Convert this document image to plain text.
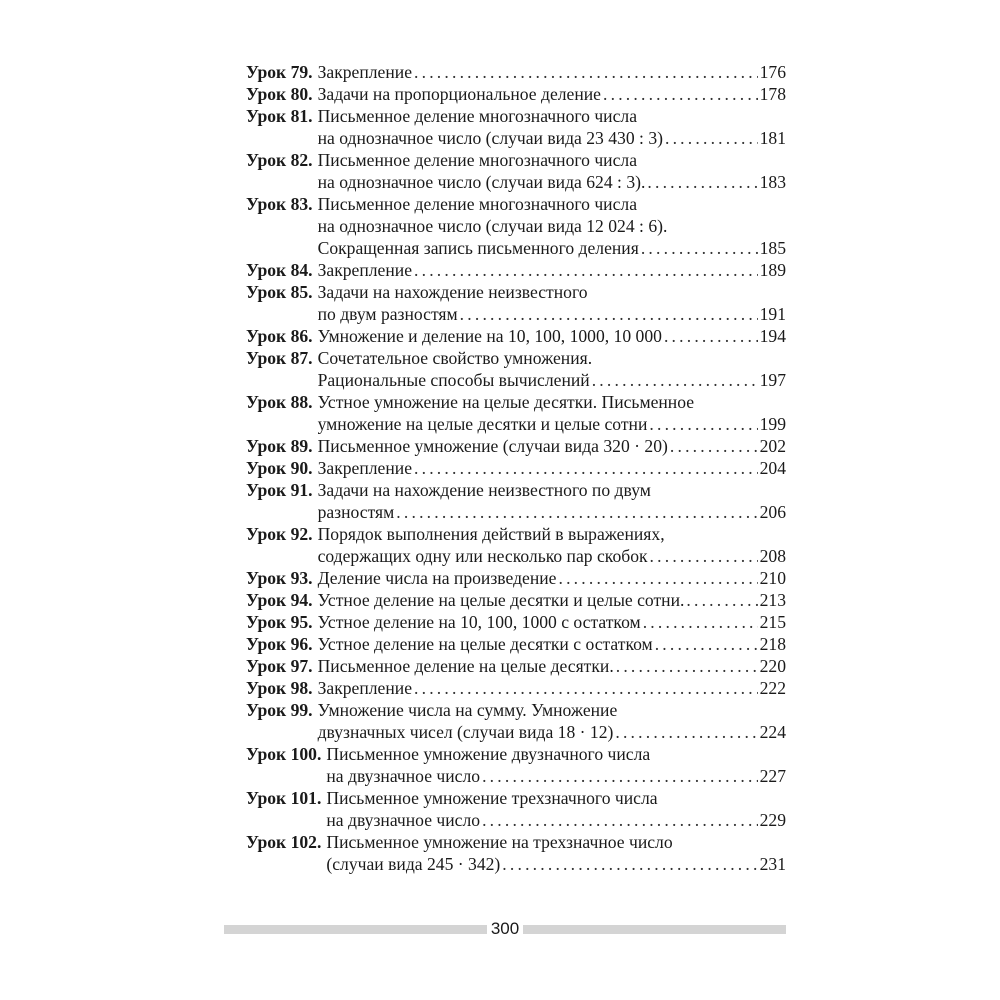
Урок 79. Закрепление . . .	176
Урок 80. Задачи на пропорциональное деление . . .	178
Урок 81. Письменное деление многозначного числа
на однозначное число (случаи вида 23 430 : 3) . . .	181
Урок 82. Письменное деление многозначного числа
на однозначное число (случаи вида 624 : 3). . . .	183
Урок 83. Письменное деление многозначного числа
на однозначное число (случаи вида 12 024 : 6).
Сокращенная запись письменного деления . . .	185
Урок 84. Закрепление . . .	189
Урок 85. Задачи на нахождение неизвестного
по двум разностям . . .	191
Урок 86. Умножение и деление на 10, 100, 1000, 10 000 . . .	194
Урок 87. Сочетательное свойство умножения.
Рациональные способы вычислений . . .	197
Урок 88. Устное умножение на целые десятки. Письменное
умножение на целые десятки и целые сотни . . .	199
Урок 89. Письменное умножение (случаи вида 320 · 20) . . .	202
Урок 90. Закрепление . . .	204
Урок 91. Задачи на нахождение неизвестного по двум
разностям . . .	206
Урок 92. Порядок выполнения действий в выражениях,
содержащих одну или несколько пар скобок . . .	208
Урок 93. Деление числа на произведение . . .	210
Урок 94. Устное деление на целые десятки и целые сотни. . . .	213
Урок 95. Устное деление на 10, 100, 1000 с остатком . . .	215
Урок 96. Устное деление на целые десятки с остатком . . .	218
Урок 97. Письменное деление на целые десятки. . . .	220
Урок 98. Закрепление . . .	222
Урок 99. Умножение числа на сумму. Умножение
двузначных чисел (случаи вида 18 · 12) . . .	224
Урок 100. Письменное умножение двузначного числа
на двузначное число . . .	227
Урок 101. Письменное умножение трехзначного числа
на двузначное число . . .	229
Урок 102. Письменное умножение на трехзначное число
(случаи вида 245 · 342) . . .	231
300
